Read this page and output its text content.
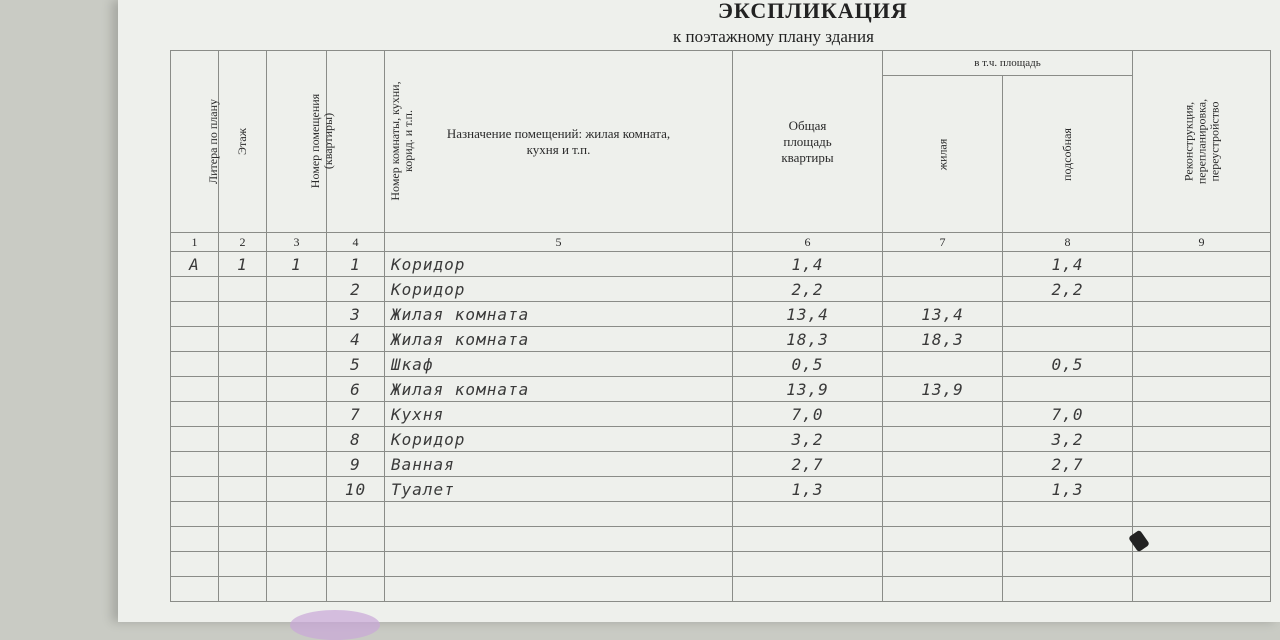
ЭКСПЛИКАЦИЯ
к поэтажному плану здания
Литера по плану	Этаж	Номер помещения (квартиры)	Номер комнаты, кухни, корид. и т.п.	Назначение помещений: жилая комната, кухня и т.п.	Общая площадь квартиры	в т.ч. площадь		Реконструкция, перепланировка, переустройство
						жилая	подсобная	
1	2	3	4	5	6	7	8	9
А	1	1	1	Коридор	1,4		1,4	
			2	Коридор	2,2		2,2	
			3	Жилая комната	13,4	13,4		
			4	Жилая комната	18,3	18,3		
			5	Шкаф	0,5		0,5	
			6	Жилая комната	13,9	13,9		
			7	Кухня	7,0		7,0	
			8	Коридор	3,2		3,2	
			9	Ванная	2,7		2,7	
			10	Туалет	1,3		1,3	
